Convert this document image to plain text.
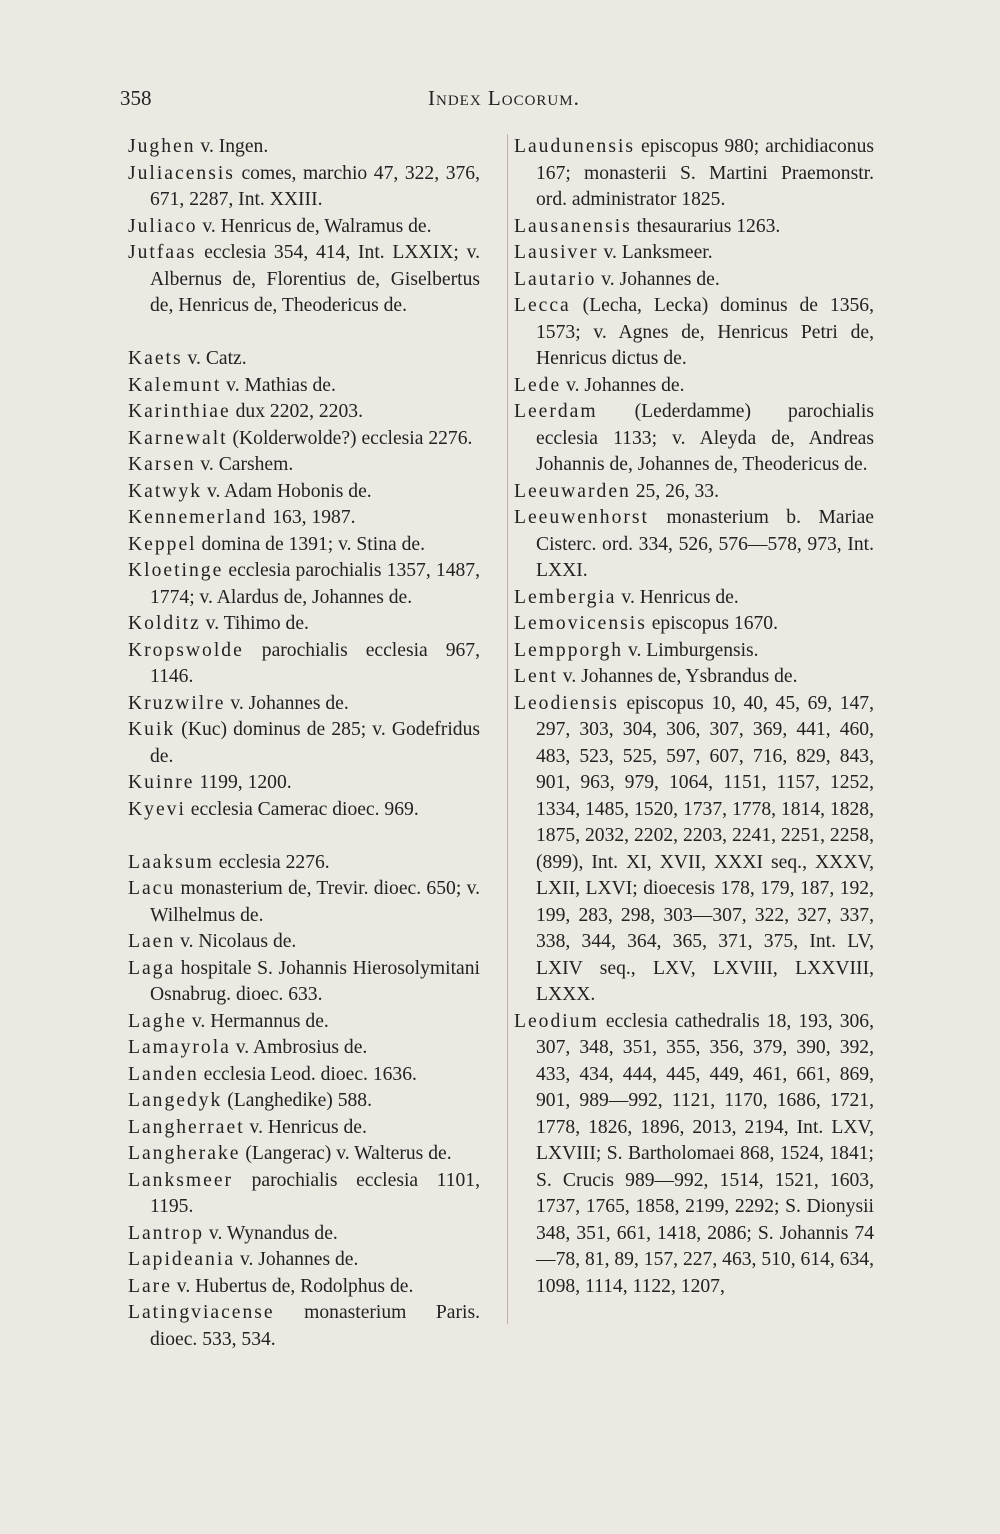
358	Index Locorum.

Jughen v. Ingen.

Juliacensis comes, marchio 47, 322, 376, 671, 2287, Int. XXIII.

Juliaco v. Henricus de, Walramus de.

Jutfaas ecclesia 354, 414, Int. LXXIX; v. Albernus de, Florentius de, Giselbertus de, Henricus de, Theodericus de.

Kaets v. Catz.

Kalemunt v. Mathias de.

Karinthiae dux 2202, 2203.

Karnewalt (Kolderwolde?) ecclesia 2276.

Karsen v. Carshem.

Katwyk v. Adam Hobonis de.

Kennemerland 163, 1987.

Keppel domina de 1391; v. Stina de.

Kloetinge ecclesia parochialis 1357, 1487, 1774; v. Alardus de, Johannes de.

Kolditz v. Tihimo de.

Kropswolde parochialis ecclesia 967, 1146.

Kruzwilre v. Johannes de.

Kuik (Kuc) dominus de 285; v. Godefridus de.

Kuinre 1199, 1200.

Kyevi ecclesia Camerac dioec. 969.

Laaksum ecclesia 2276.

Lacu monasterium de, Trevir. dioec. 650; v. Wilhelmus de.

Laen v. Nicolaus de.

Laga hospitale S. Johannis Hierosolymitani Osnabrug. dioec. 633.

Laghe v. Hermannus de.

Lamayrola v. Ambrosius de.

Landen ecclesia Leod. dioec. 1636.

Langedyk (Langhedike) 588.

Langherraet v. Henricus de.

Langherake (Langerac) v. Walterus de.

Lanksmeer parochialis ecclesia 1101, 1195.

Lantrop v. Wynandus de.

Lapideania v. Johannes de.

Lare v. Hubertus de, Rodolphus de.

Latingviacense monasterium Paris. dioec. 533, 534.

Laudunensis episcopus 980; archidiaconus 167; monasterii S. Martini Praemonstr. ord. administrator 1825.

Lausanensis thesaurarius 1263.

Lausiver v. Lanksmeer.

Lautario v. Johannes de.

Lecca (Lecha, Lecka) dominus de 1356, 1573; v. Agnes de, Henricus Petri de, Henricus dictus de.

Lede v. Johannes de.

Leerdam (Lederdamme) parochialis ecclesia 1133; v. Aleyda de, Andreas Johannis de, Johannes de, Theodericus de.

Leeuwarden 25, 26, 33.

Leeuwenhorst monasterium b. Mariae Cisterc. ord. 334, 526, 576—578, 973, Int. LXXI.

Lembergia v. Henricus de.

Lemovicensis episcopus 1670.

Lempporgh v. Limburgensis.

Lent v. Johannes de, Ysbrandus de.

Leodiensis episcopus 10, 40, 45, 69, 147, 297, 303, 304, 306, 307, 369, 441, 460, 483, 523, 525, 597, 607, 716, 829, 843, 901, 963, 979, 1064, 1151, 1157, 1252, 1334, 1485, 1520, 1737, 1778, 1814, 1828, 1875, 2032, 2202, 2203, 2241, 2251, 2258, (899), Int. XI, XVII, XXXI seq., XXXV, LXII, LXVI; dioecesis 178, 179, 187, 192, 199, 283, 298, 303—307, 322, 327, 337, 338, 344, 364, 365, 371, 375, Int. LV, LXIV seq., LXV, LXVIII, LXXVIII, LXXX.

Leodium ecclesia cathedralis 18, 193, 306, 307, 348, 351, 355, 356, 379, 390, 392, 433, 434, 444, 445, 449, 461, 661, 869, 901, 989—992, 1121, 1170, 1686, 1721, 1778, 1826, 1896, 2013, 2194, Int. LXV, LXVIII; S. Bartholomaei 868, 1524, 1841; S. Crucis 989—992, 1514, 1521, 1603, 1737, 1765, 1858, 2199, 2292; S. Dionysii 348, 351, 661, 1418, 2086; S. Johannis 74—78, 81, 89, 157, 227, 463, 510, 614, 634, 1098, 1114, 1122, 1207,
